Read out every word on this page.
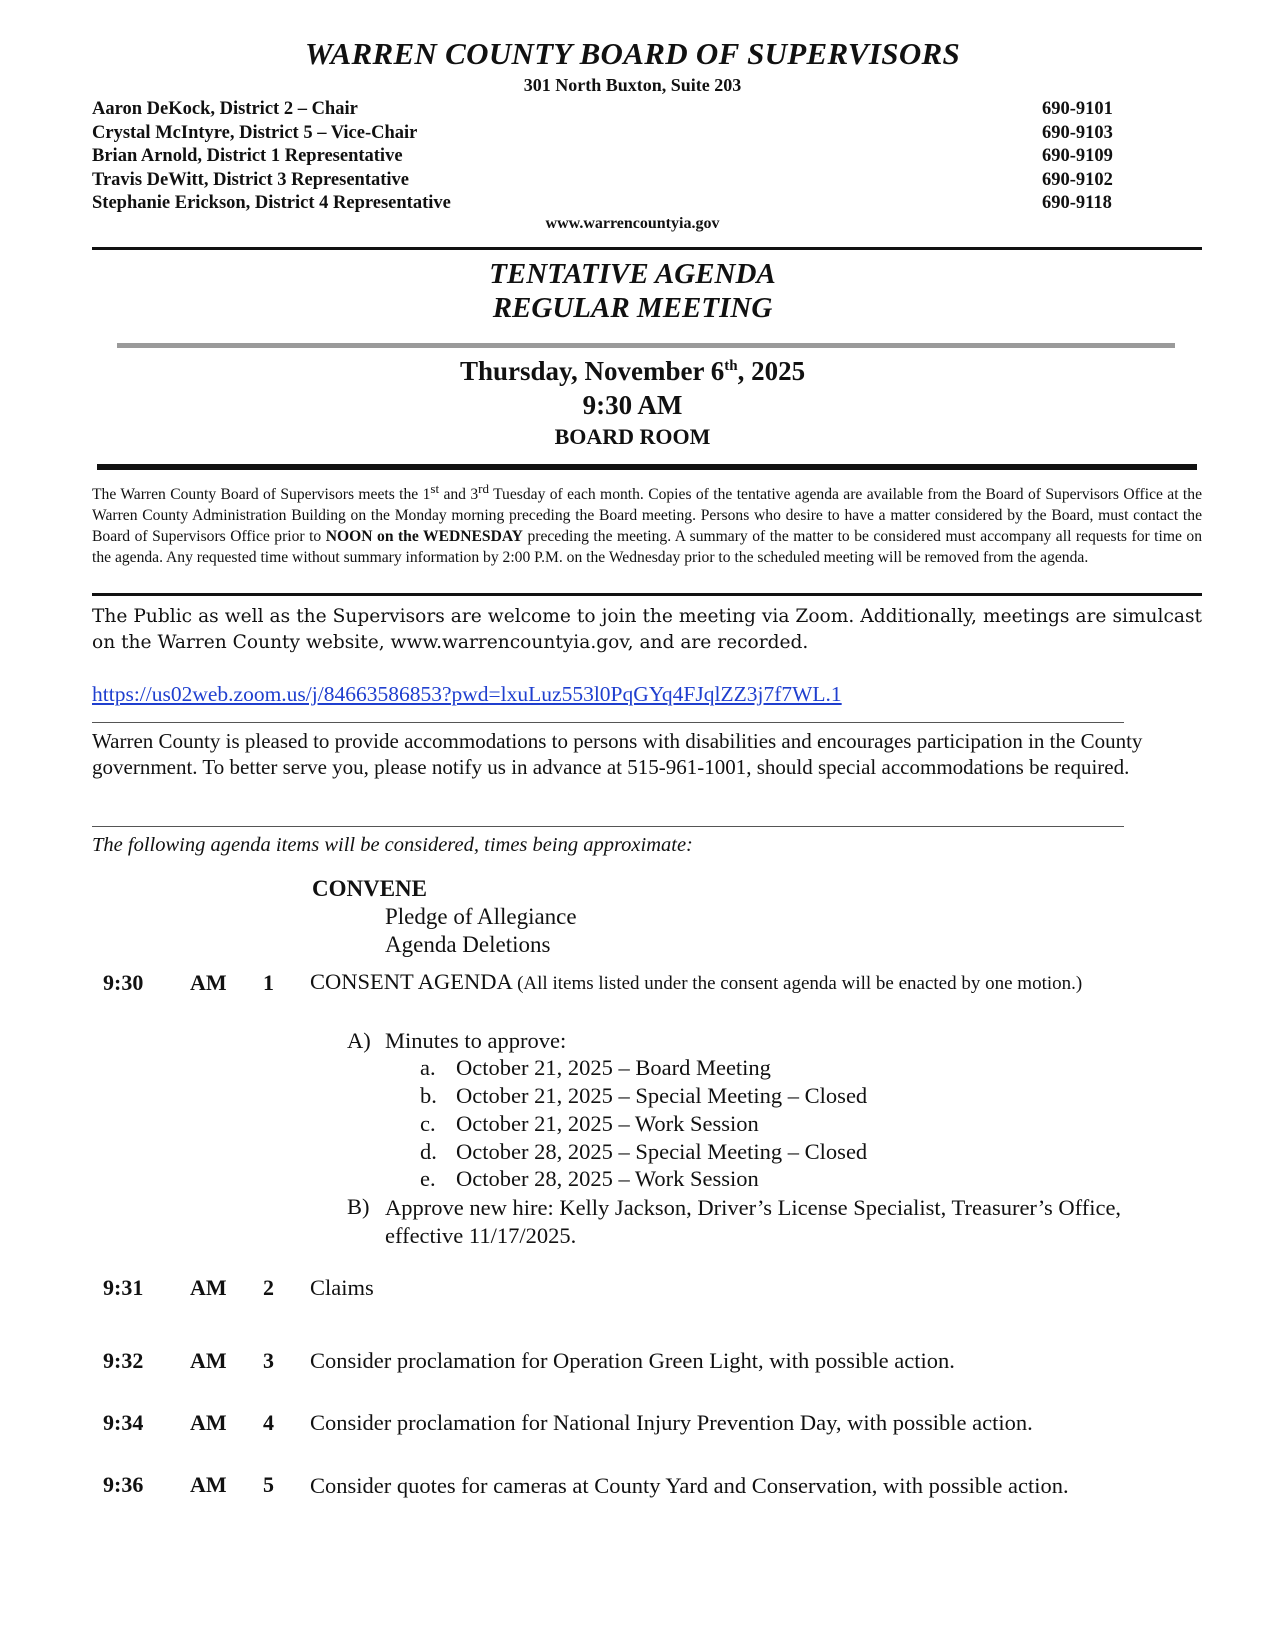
WARREN COUNTY BOARD OF SUPERVISORS
301 North Buxton, Suite 203
Aaron DeKock, District 2 – Chair	690-9101
Crystal McIntyre, District 5 – Vice-Chair	690-9103
Brian Arnold, District 1 Representative	690-9109
Travis DeWitt, District 3 Representative	690-9102
Stephanie Erickson, District 4 Representative	690-9118
www.warrencountyia.gov
TENTATIVE AGENDA
REGULAR MEETING
Thursday, November 6th, 2025
9:30 AM
BOARD ROOM
The Warren County Board of Supervisors meets the 1st and 3rd Tuesday of each month. Copies of the tentative agenda are available from the Board of Supervisors Office at the Warren County Administration Building on the Monday morning preceding the Board meeting. Persons who desire to have a matter considered by the Board, must contact the Board of Supervisors Office prior to NOON on the WEDNESDAY preceding the meeting. A summary of the matter to be considered must accompany all requests for time on the agenda. Any requested time without summary information by 2:00 P.M. on the Wednesday prior to the scheduled meeting will be removed from the agenda.
The Public as well as the Supervisors are welcome to join the meeting via Zoom. Additionally, meetings are simulcast on the Warren County website, www.warrencountyia.gov, and are recorded.
https://us02web.zoom.us/j/84663586853?pwd=lxuLuz553l0PqGYq4FJqlZZ3j7f7WL.1
Warren County is pleased to provide accommodations to persons with disabilities and encourages participation in the County government. To better serve you, please notify us in advance at 515-961-1001, should special accommodations be required.
The following agenda items will be considered, times being approximate:
CONVENE
Pledge of Allegiance
Agenda Deletions
9:30 AM 1 CONSENT AGENDA (All items listed under the consent agenda will be enacted by one motion.)
A) Minutes to approve:
a. October 21, 2025 – Board Meeting
b. October 21, 2025 – Special Meeting – Closed
c. October 21, 2025 – Work Session
d. October 28, 2025 – Special Meeting – Closed
e. October 28, 2025 – Work Session
B) Approve new hire: Kelly Jackson, Driver’s License Specialist, Treasurer’s Office, effective 11/17/2025.
9:31 AM 2 Claims
9:32 AM 3 Consider proclamation for Operation Green Light, with possible action.
9:34 AM 4 Consider proclamation for National Injury Prevention Day, with possible action.
9:36 AM 5 Consider quotes for cameras at County Yard and Conservation, with possible action.
